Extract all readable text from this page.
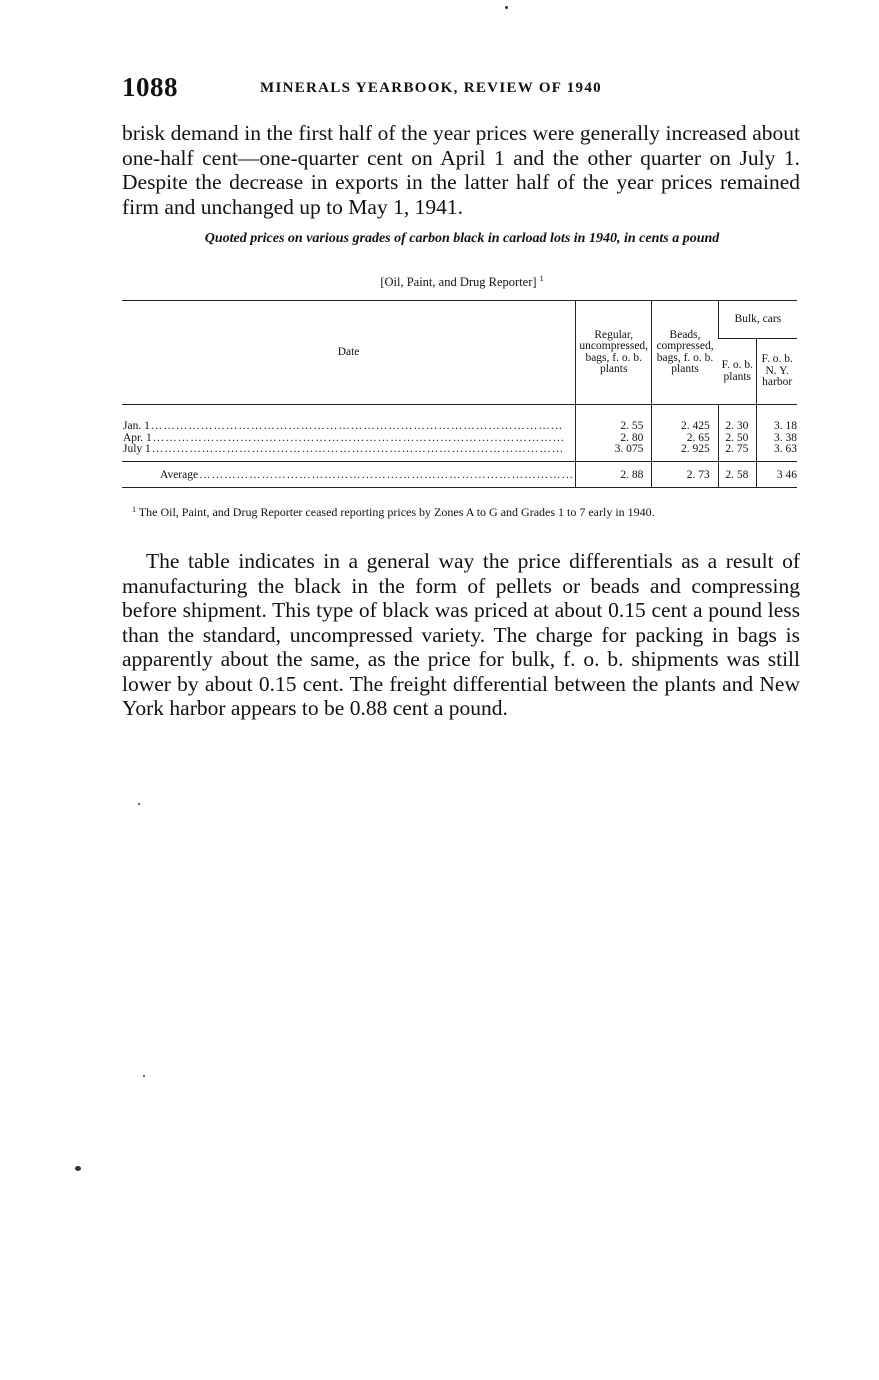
1088	MINERALS YEARBOOK, REVIEW OF 1940

brisk demand in the first half of the year prices were generally increased about one-half cent—one-quarter cent on April 1 and the other quarter on July 1. Despite the decrease in exports in the latter half of the year prices remained firm and unchanged up to May 1, 1941.

Quoted prices on various grades of carbon black in carload lots in 1940, in cents a pound

[Oil, Paint, and Drug Reporter] $^1$
Date	Regular, uncompressed, bags, f. o. b. plants	Beads, compressed, bags, f. o. b. plants	Bulk, cars	
			F. o. b. plants	F. o. b. N. Y. harbor
Jan. 1………………………………………………………………………………………	2. 55	2. 425	2. 30	3. 18
Apr. 1………………………………………………………………………………………	2. 80	2. 65	2. 50	3. 38
July 1………………………………………………………………………………………	3. 075	2. 925	2. 75	3. 63
Average………………………………………………………………………………	2. 88	2. 73	2. 58	3 46

$^1$ The Oil, Paint, and Drug Reporter ceased reporting prices by Zones A to G and Grades 1 to 7 early in 1940.

The table indicates in a general way the price differentials as a result of manufacturing the black in the form of pellets or beads and compressing before shipment. This type of black was priced at about 0.15 cent a pound less than the standard, uncompressed variety. The charge for packing in bags is apparently about the same, as the price for bulk, f. o. b. shipments was still lower by about 0.15 cent. The freight differential between the plants and New York harbor appears to be 0.88 cent a pound.
